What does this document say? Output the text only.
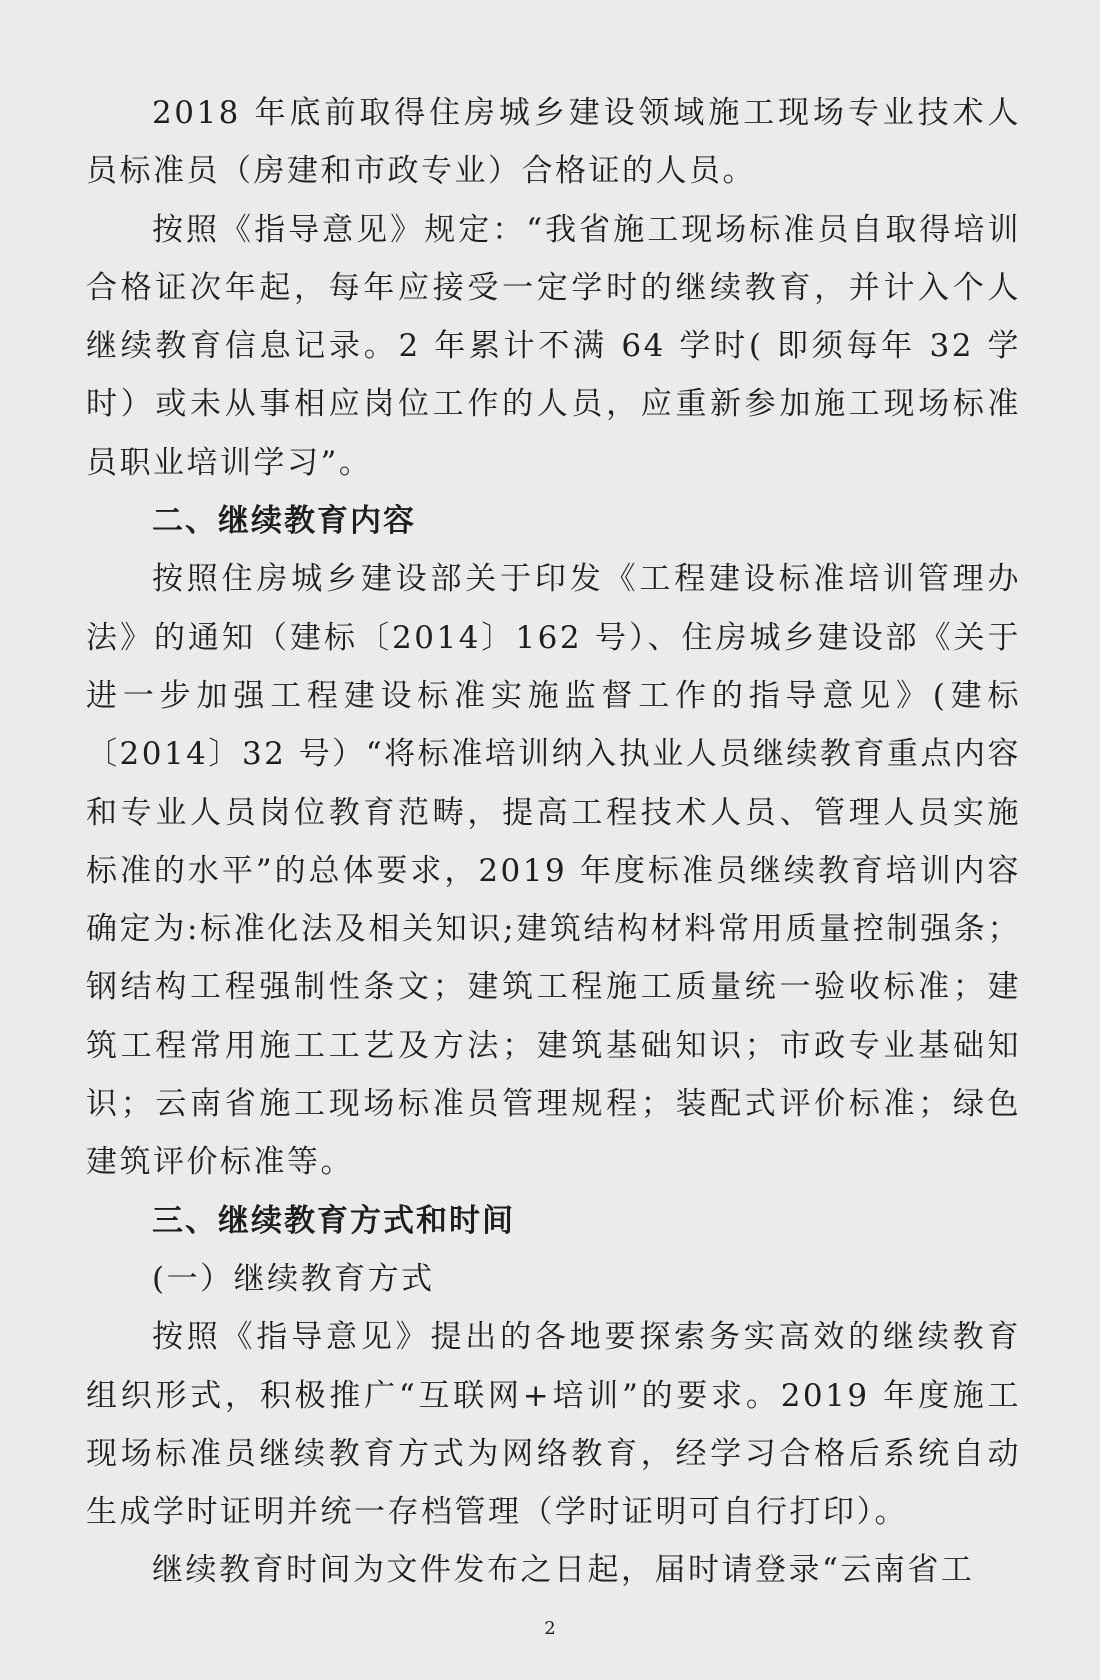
2018 年底前取得住房城乡建设领域施工现场专业技术人员标准员（房建和市政专业）合格证的人员。

按照《指导意见》规定：“我省施工现场标准员自取得培训合格证次年起，每年应接受一定学时的继续教育，并计入个人继续教育信息记录。2 年累计不满 64 学时( 即须每年 32 学时）或未从事相应岗位工作的人员，应重新参加施工现场标准员职业培训学习”。

二、继续教育内容

按照住房城乡建设部关于印发《工程建设标准培训管理办法》的通知（建标〔2014〕162 号）、住房城乡建设部《关于进一步加强工程建设标准实施监督工作的指导意见》(建标〔2014〕32 号）“将标准培训纳入执业人员继续教育重点内容和专业人员岗位教育范畴，提高工程技术人员、管理人员实施标准的水平”的总体要求，2019 年度标准员继续教育培训内容确定为:标准化法及相关知识;建筑结构材料常用质量控制强条；钢结构工程强制性条文；建筑工程施工质量统一验收标准；建筑工程常用施工工艺及方法；建筑基础知识；市政专业基础知识；云南省施工现场标准员管理规程；装配式评价标准；绿色建筑评价标准等。

三、继续教育方式和时间

(一）继续教育方式

按照《指导意见》提出的各地要探索务实高效的继续教育组织形式，积极推广“互联网+培训”的要求。2019 年度施工现场标准员继续教育方式为网络教育，经学习合格后系统自动生成学时证明并统一存档管理（学时证明可自行打印）。

继续教育时间为文件发布之日起，届时请登录“云南省工

2
